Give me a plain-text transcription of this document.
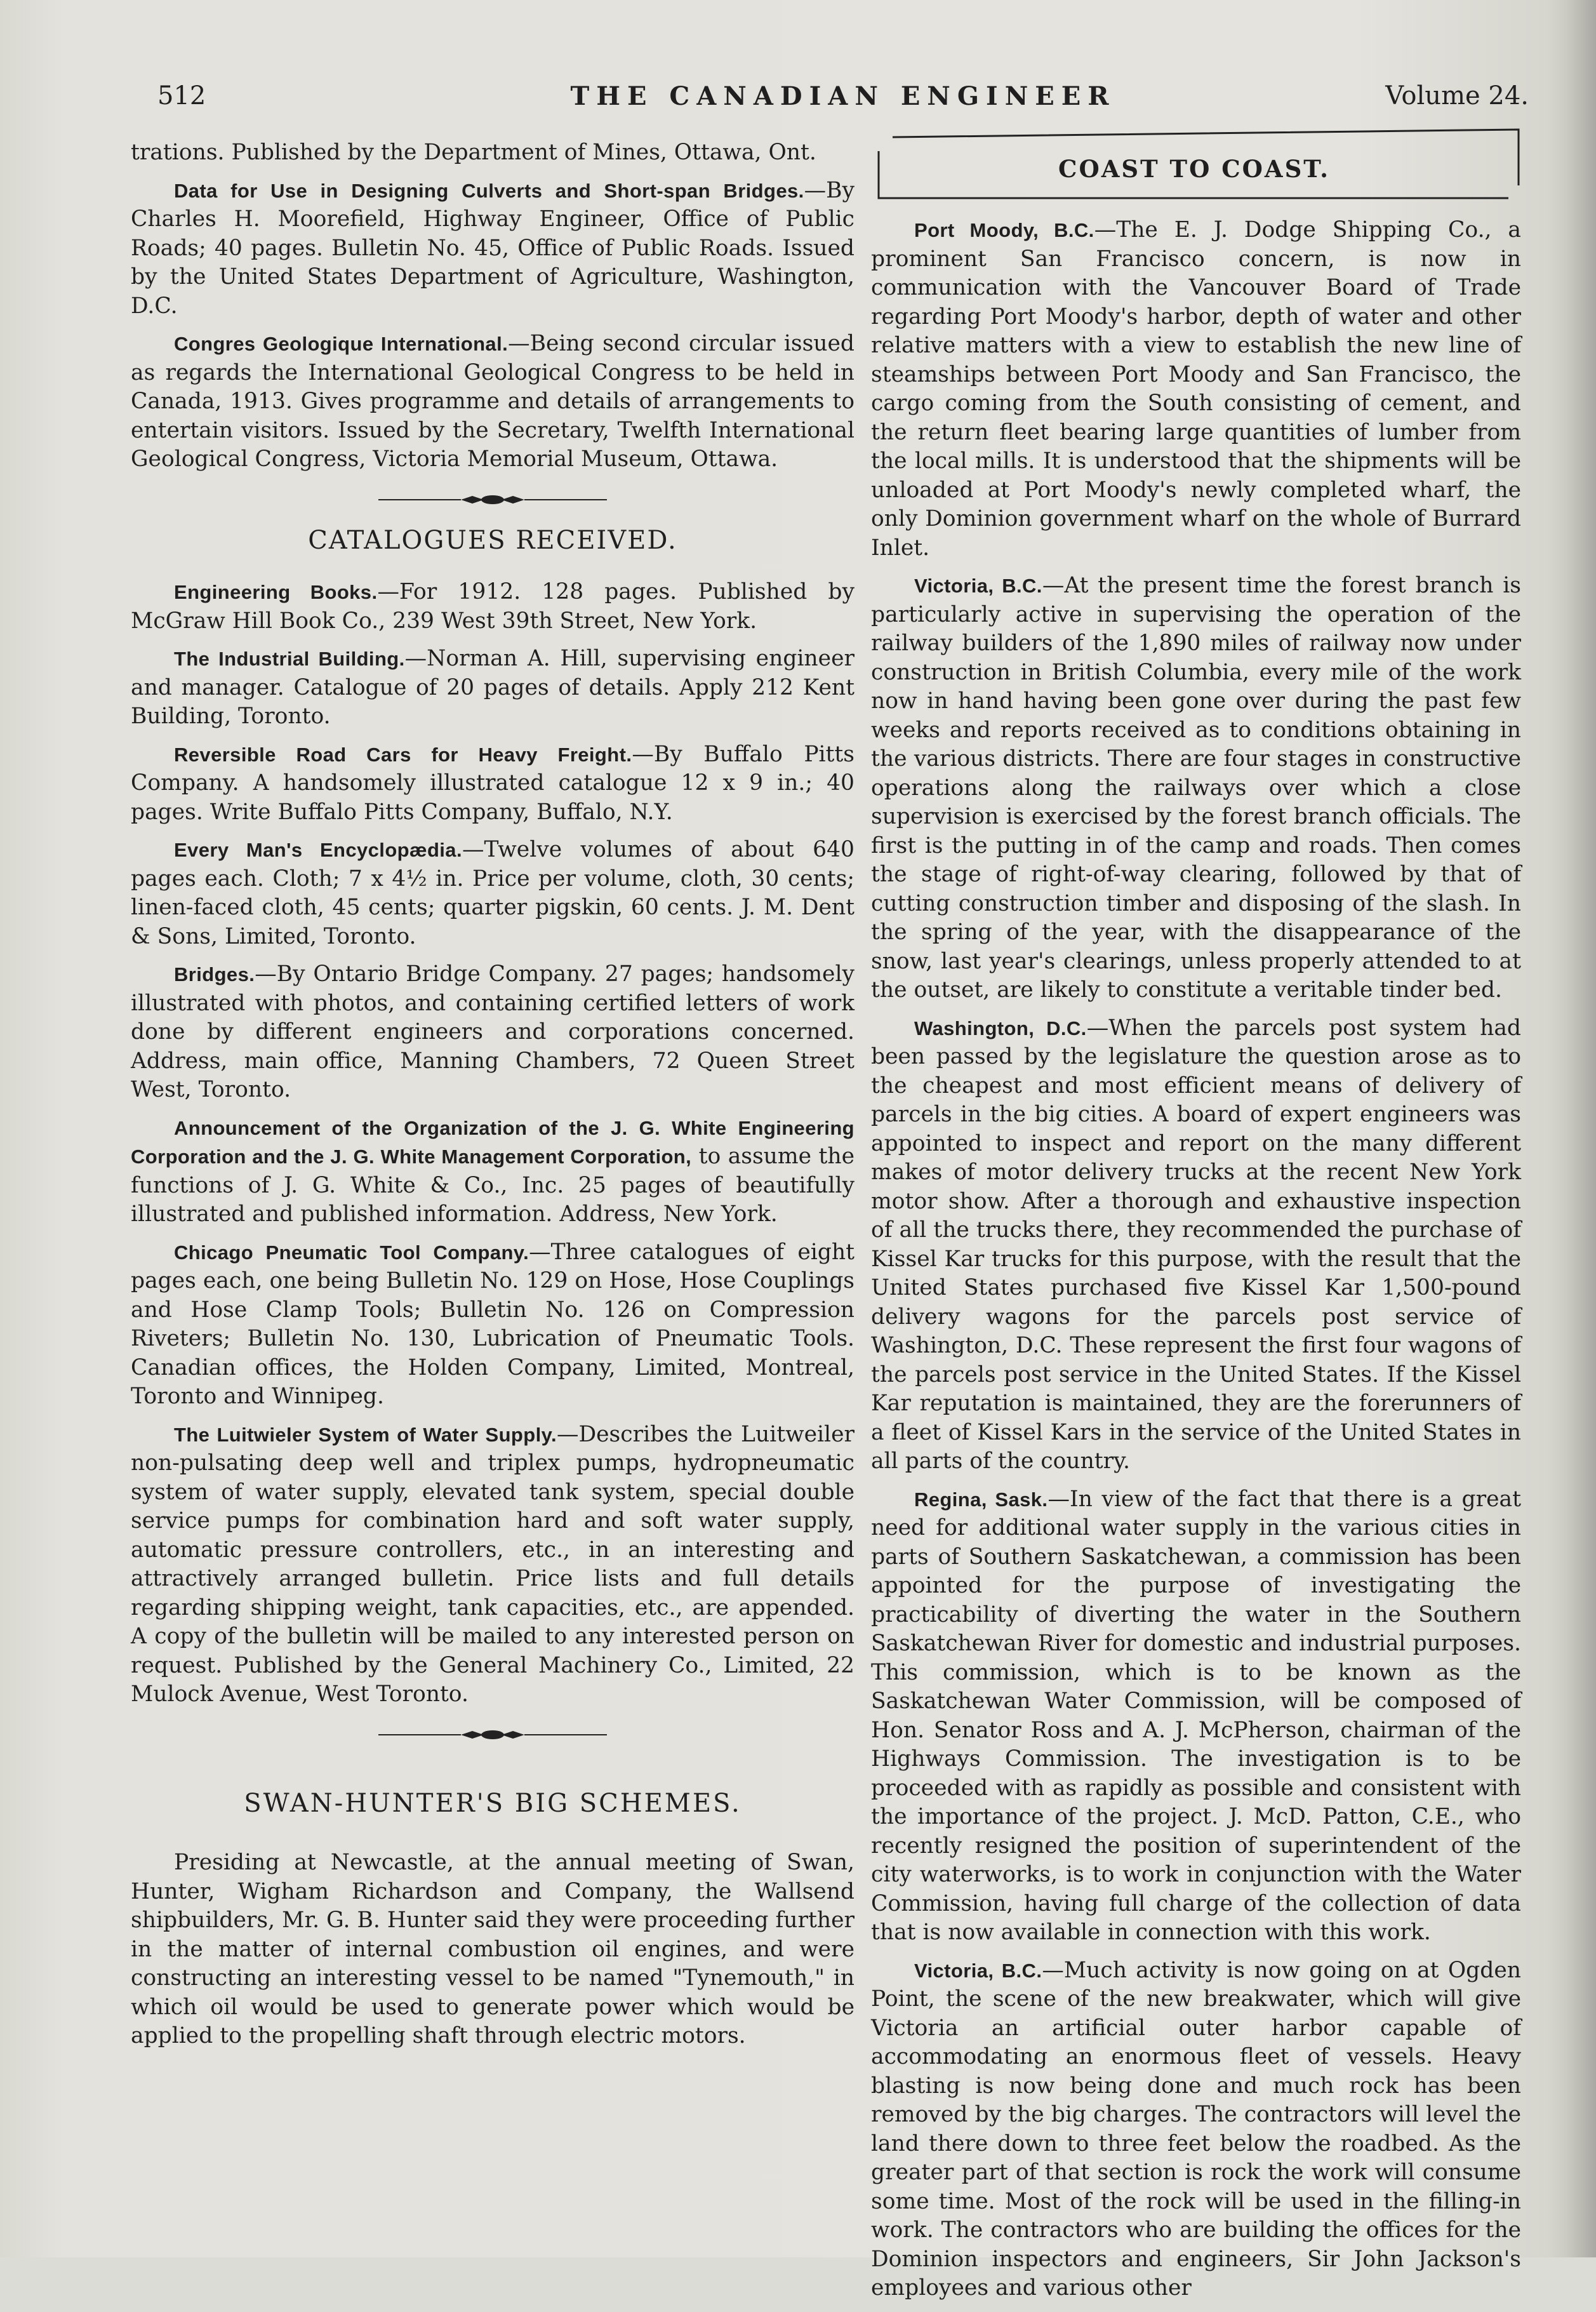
512	THE CANADIAN ENGINEER	Volume 24.

trations. Published by the Department of Mines, Ottawa, Ont.

Data for Use in Designing Culverts and Short-span Bridges.—By Charles H. Moorefield, Highway Engineer, Office of Public Roads; 40 pages. Bulletin No. 45, Office of Public Roads. Issued by the United States Department of Agriculture, Washington, D.C.

Congres Geologique International.—Being second circular issued as regards the International Geological Congress to be held in Canada, 1913. Gives programme and details of arrangements to entertain visitors. Issued by the Secretary, Twelfth International Geological Congress, Victoria Memorial Museum, Ottawa.

CATALOGUES RECEIVED.

Engineering Books.—For 1912. 128 pages. Published by McGraw Hill Book Co., 239 West 39th Street, New York.

The Industrial Building.—Norman A. Hill, supervising engineer and manager. Catalogue of 20 pages of details. Apply 212 Kent Building, Toronto.

Reversible Road Cars for Heavy Freight.—By Buffalo Pitts Company. A handsomely illustrated catalogue 12 x 9 in.; 40 pages. Write Buffalo Pitts Company, Buffalo, N.Y.

Every Man's Encyclopædia.—Twelve volumes of about 640 pages each. Cloth; 7 x 4½ in. Price per volume, cloth, 30 cents; linen-faced cloth, 45 cents; quarter pigskin, 60 cents. J. M. Dent & Sons, Limited, Toronto.

Bridges.—By Ontario Bridge Company. 27 pages; handsomely illustrated with photos, and containing certified letters of work done by different engineers and corporations concerned. Address, main office, Manning Chambers, 72 Queen Street West, Toronto.

Announcement of the Organization of the J. G. White Engineering Corporation and the J. G. White Management Corporation, to assume the functions of J. G. White & Co., Inc. 25 pages of beautifully illustrated and published information. Address, New York.

Chicago Pneumatic Tool Company.—Three catalogues of eight pages each, one being Bulletin No. 129 on Hose, Hose Couplings and Hose Clamp Tools; Bulletin No. 126 on Compression Riveters; Bulletin No. 130, Lubrication of Pneumatic Tools. Canadian offices, the Holden Company, Limited, Montreal, Toronto and Winnipeg.

The Luitwieler System of Water Supply.—Describes the Luitweiler non-pulsating deep well and triplex pumps, hydropneumatic system of water supply, elevated tank system, special double service pumps for combination hard and soft water supply, automatic pressure controllers, etc., in an interesting and attractively arranged bulletin. Price lists and full details regarding shipping weight, tank capacities, etc., are appended. A copy of the bulletin will be mailed to any interested person on request. Published by the General Machinery Co., Limited, 22 Mulock Avenue, West Toronto.

SWAN-HUNTER'S BIG SCHEMES.

Presiding at Newcastle, at the annual meeting of Swan, Hunter, Wigham Richardson and Company, the Wallsend shipbuilders, Mr. G. B. Hunter said they were proceeding further in the matter of internal combustion oil engines, and were constructing an interesting vessel to be named "Tynemouth," in which oil would be used to generate power which would be applied to the propelling shaft through electric motors.

COAST TO COAST.

Port Moody, B.C.—The E. J. Dodge Shipping Co., a prominent San Francisco concern, is now in communication with the Vancouver Board of Trade regarding Port Moody's harbor, depth of water and other relative matters with a view to establish the new line of steamships between Port Moody and San Francisco, the cargo coming from the South consisting of cement, and the return fleet bearing large quantities of lumber from the local mills. It is understood that the shipments will be unloaded at Port Moody's newly completed wharf, the only Dominion government wharf on the whole of Burrard Inlet.

Victoria, B.C.—At the present time the forest branch is particularly active in supervising the operation of the railway builders of the 1,890 miles of railway now under construction in British Columbia, every mile of the work now in hand having been gone over during the past few weeks and reports received as to conditions obtaining in the various districts. There are four stages in constructive operations along the railways over which a close supervision is exercised by the forest branch officials. The first is the putting in of the camp and roads. Then comes the stage of right-of-way clearing, followed by that of cutting construction timber and disposing of the slash. In the spring of the year, with the disappearance of the snow, last year's clearings, unless properly attended to at the outset, are likely to constitute a veritable tinder bed.

Washington, D.C.—When the parcels post system had been passed by the legislature the question arose as to the cheapest and most efficient means of delivery of parcels in the big cities. A board of expert engineers was appointed to inspect and report on the many different makes of motor delivery trucks at the recent New York motor show. After a thorough and exhaustive inspection of all the trucks there, they recommended the purchase of Kissel Kar trucks for this purpose, with the result that the United States purchased five Kissel Kar 1,500-pound delivery wagons for the parcels post service of Washington, D.C. These represent the first four wagons of the parcels post service in the United States. If the Kissel Kar reputation is maintained, they are the forerunners of a fleet of Kissel Kars in the service of the United States in all parts of the country.

Regina, Sask.—In view of the fact that there is a great need for additional water supply in the various cities in parts of Southern Saskatchewan, a commission has been appointed for the purpose of investigating the practicability of diverting the water in the Southern Saskatchewan River for domestic and industrial purposes. This commission, which is to be known as the Saskatchewan Water Commission, will be composed of Hon. Senator Ross and A. J. McPherson, chairman of the Highways Commission. The investigation is to be proceeded with as rapidly as possible and consistent with the importance of the project. J. McD. Patton, C.E., who recently resigned the position of superintendent of the city waterworks, is to work in conjunction with the Water Commission, having full charge of the collection of data that is now available in connection with this work.

Victoria, B.C.—Much activity is now going on at Ogden Point, the scene of the new breakwater, which will give Victoria an artificial outer harbor capable of accommodating an enormous fleet of vessels. Heavy blasting is now being done and much rock has been removed by the big charges. The contractors will level the land there down to three feet below the roadbed. As the greater part of that section is rock the work will consume some time. Most of the rock will be used in the filling-in work. The contractors who are building the offices for the Dominion inspectors and engineers, Sir John Jackson's employees and various other
